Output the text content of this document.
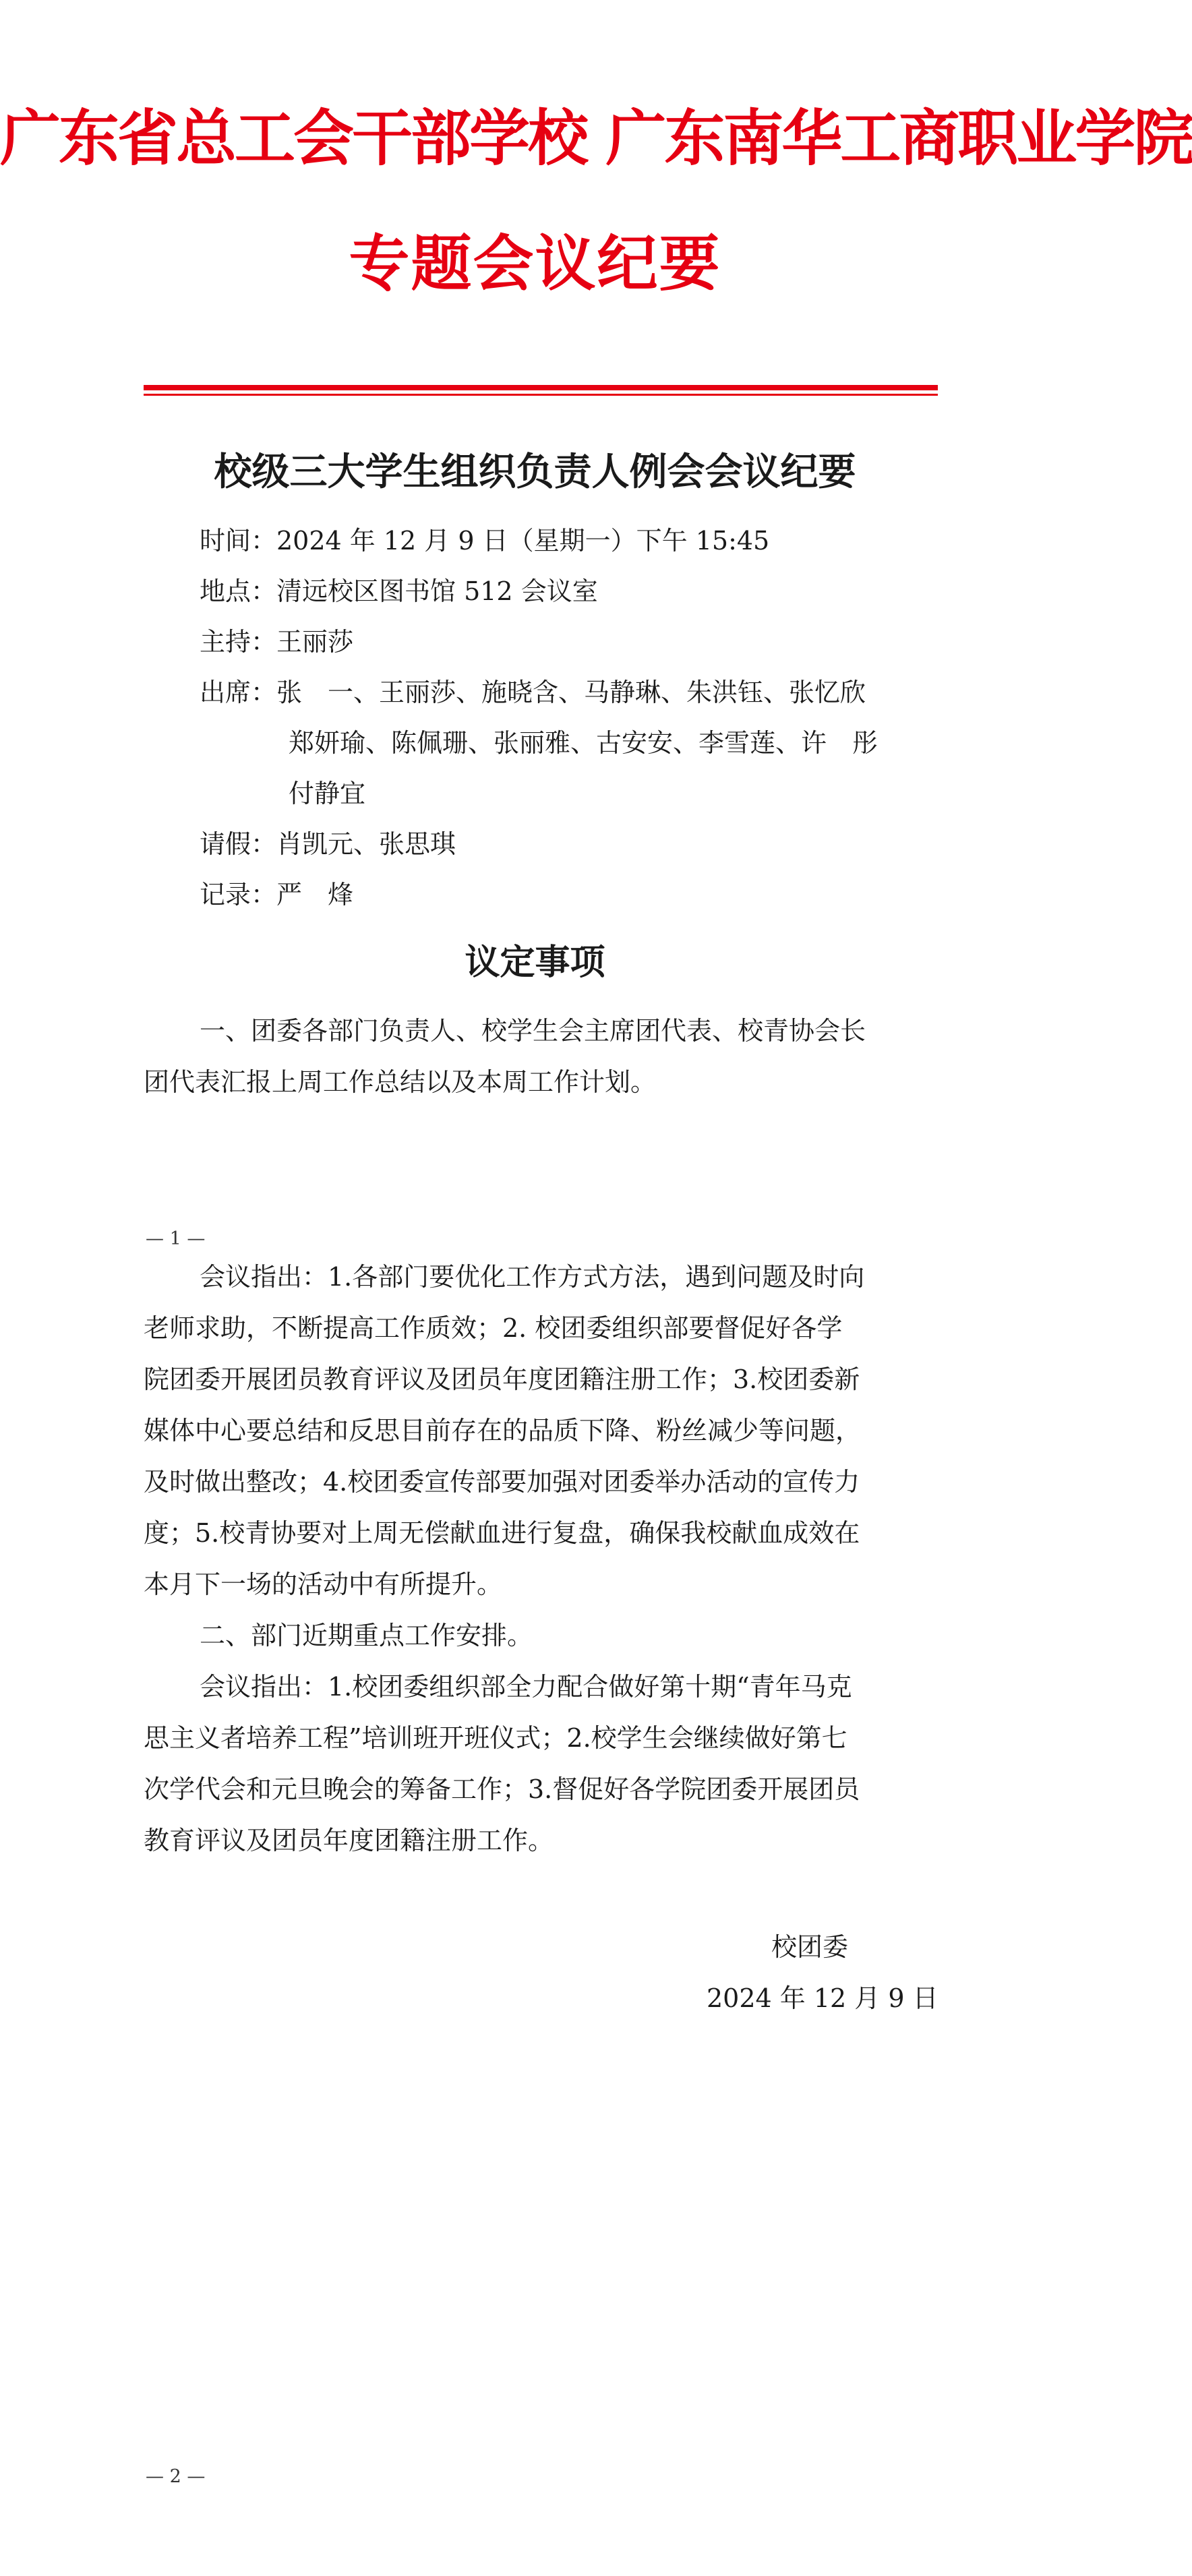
广东省总工会干部学校 广东南华工商职业学院
专题会议纪要
校级三大学生组织负责人例会会议纪要
时间：2024 年 12 月 9 日（星期一）下午 15:45
地点：清远校区图书馆 512 会议室
主持：王丽莎
出席：张　一、王丽莎、施晓含、马静琳、朱洪钰、张忆欣
郑妍瑜、陈佩珊、张丽雅、古安安、李雪莲、许　彤
付静宜
请假：肖凯元、张思琪
记录：严　烽
议定事项
一、团委各部门负责人、校学生会主席团代表、校青协会长
团代表汇报上周工作总结以及本周工作计划。
— 1 —
会议指出：1.各部门要优化工作方式方法，遇到问题及时向
老师求助，不断提高工作质效；2. 校团委组织部要督促好各学
院团委开展团员教育评议及团员年度团籍注册工作；3.校团委新
媒体中心要总结和反思目前存在的品质下降、粉丝减少等问题，
及时做出整改；4.校团委宣传部要加强对团委举办活动的宣传力
度；5.校青协要对上周无偿献血进行复盘，确保我校献血成效在
本月下一场的活动中有所提升。
二、部门近期重点工作安排。
会议指出：1.校团委组织部全力配合做好第十期“青年马克
思主义者培养工程”培训班开班仪式；2.校学生会继续做好第七
次学代会和元旦晚会的筹备工作；3.督促好各学院团委开展团员
教育评议及团员年度团籍注册工作。
校团委
2024 年 12 月 9 日
— 2 —
